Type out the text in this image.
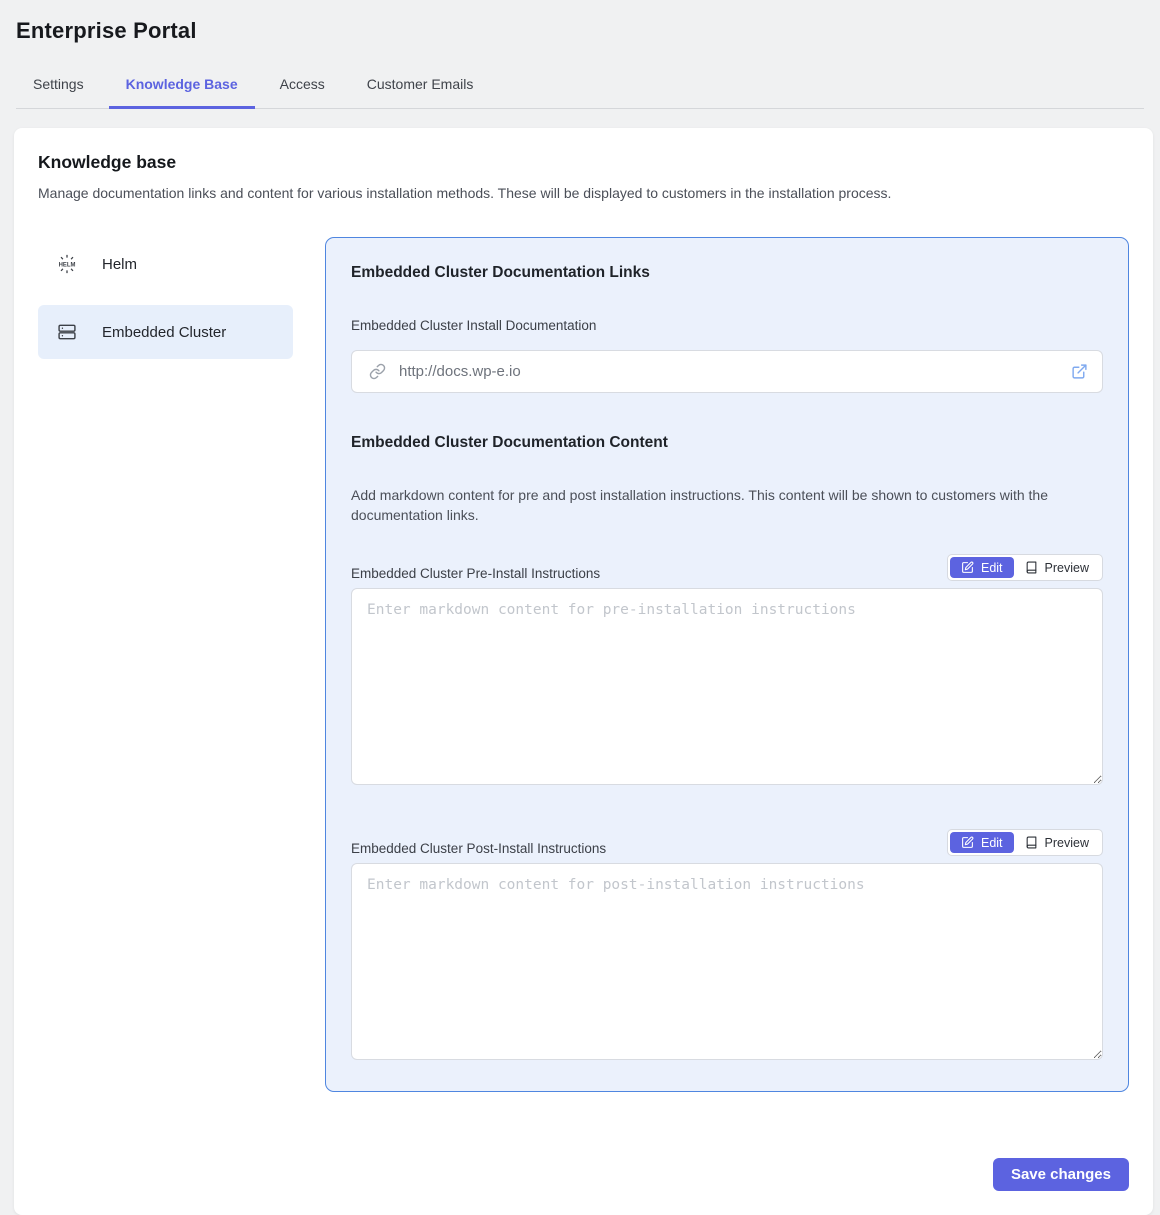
Enterprise Portal
Settings	Knowledge Base	Access	Customer Emails
Knowledge base

Manage documentation links and content for various installation methods. These will be displayed to customers in the installation process.

HELM Helm
Embedded Cluster
Embedded Cluster Documentation Links
Embedded Cluster Install Documentation
http://docs.wp-e.io
Embedded Cluster Documentation Content

Add markdown content for pre and post installation instructions. This content will be shown to customers with the documentation links.

Embedded Cluster Pre-Install Instructions	Edit	Preview
Enter markdown content for pre-installation instructions
Embedded Cluster Post-Install Instructions	Edit	Preview
Enter markdown content for post-installation instructions
Save changes
